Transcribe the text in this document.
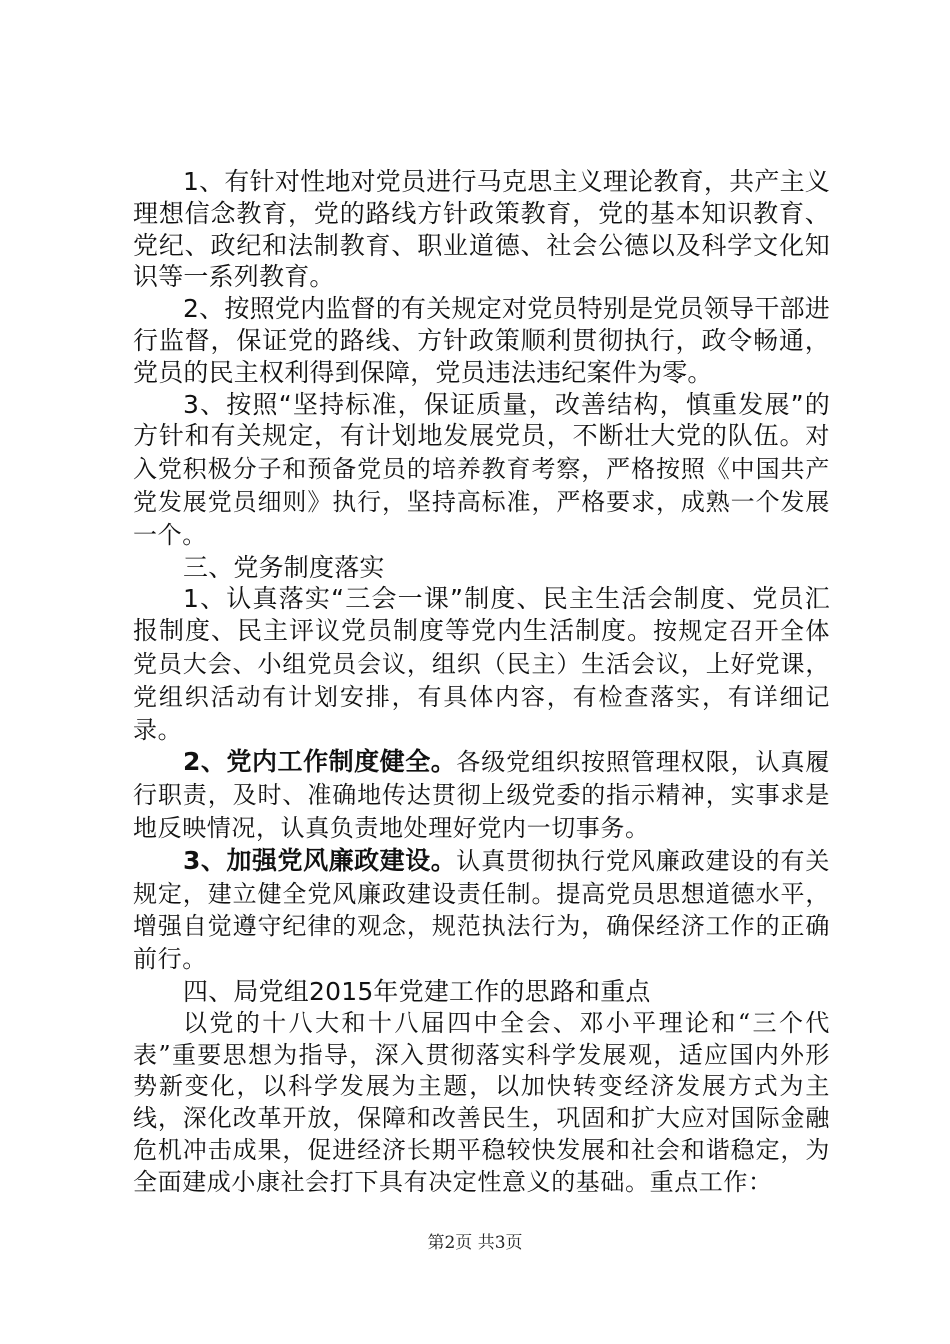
1、有针对性地对党员进行马克思主义理论教育，共产主义理想信念教育，党的路线方针政策教育，党的基本知识教育、党纪、政纪和法制教育、职业道德、社会公德以及科学文化知识等一系列教育。

2、按照党内监督的有关规定对党员特别是党员领导干部进行监督，保证党的路线、方针政策顺利贯彻执行，政令畅通，党员的民主权利得到保障，党员违法违纪案件为零。

3、按照“坚持标准，保证质量，改善结构，慎重发展”的方针和有关规定，有计划地发展党员，不断壮大党的队伍。对入党积极分子和预备党员的培养教育考察，严格按照《中国共产党发展党员细则》执行，坚持高标准，严格要求，成熟一个发展一个。

三、党务制度落实

1、认真落实“三会一课”制度、民主生活会制度、党员汇报制度、民主评议党员制度等党内生活制度。按规定召开全体党员大会、小组党员会议，组织（民主）生活会议，上好党课，党组织活动有计划安排，有具体内容，有检查落实，有详细记录。

2、党内工作制度健全。各级党组织按照管理权限，认真履行职责，及时、准确地传达贯彻上级党委的指示精神，实事求是地反映情况，认真负责地处理好党内一切事务。

3、加强党风廉政建设。认真贯彻执行党风廉政建设的有关规定，建立健全党风廉政建设责任制。提高党员思想道德水平，增强自觉遵守纪律的观念，规范执法行为，确保经济工作的正确前行。

四、局党组2015年党建工作的思路和重点

以党的十八大和十八届四中全会、邓小平理论和“三个代表”重要思想为指导，深入贯彻落实科学发展观，适应国内外形势新变化，以科学发展为主题，以加快转变经济发展方式为主线，深化改革开放，保障和改善民生，巩固和扩大应对国际金融危机冲击成果，促进经济长期平稳较快发展和社会和谐稳定，为全面建成小康社会打下具有决定性意义的基础。重点工作：

第2页 共3页
